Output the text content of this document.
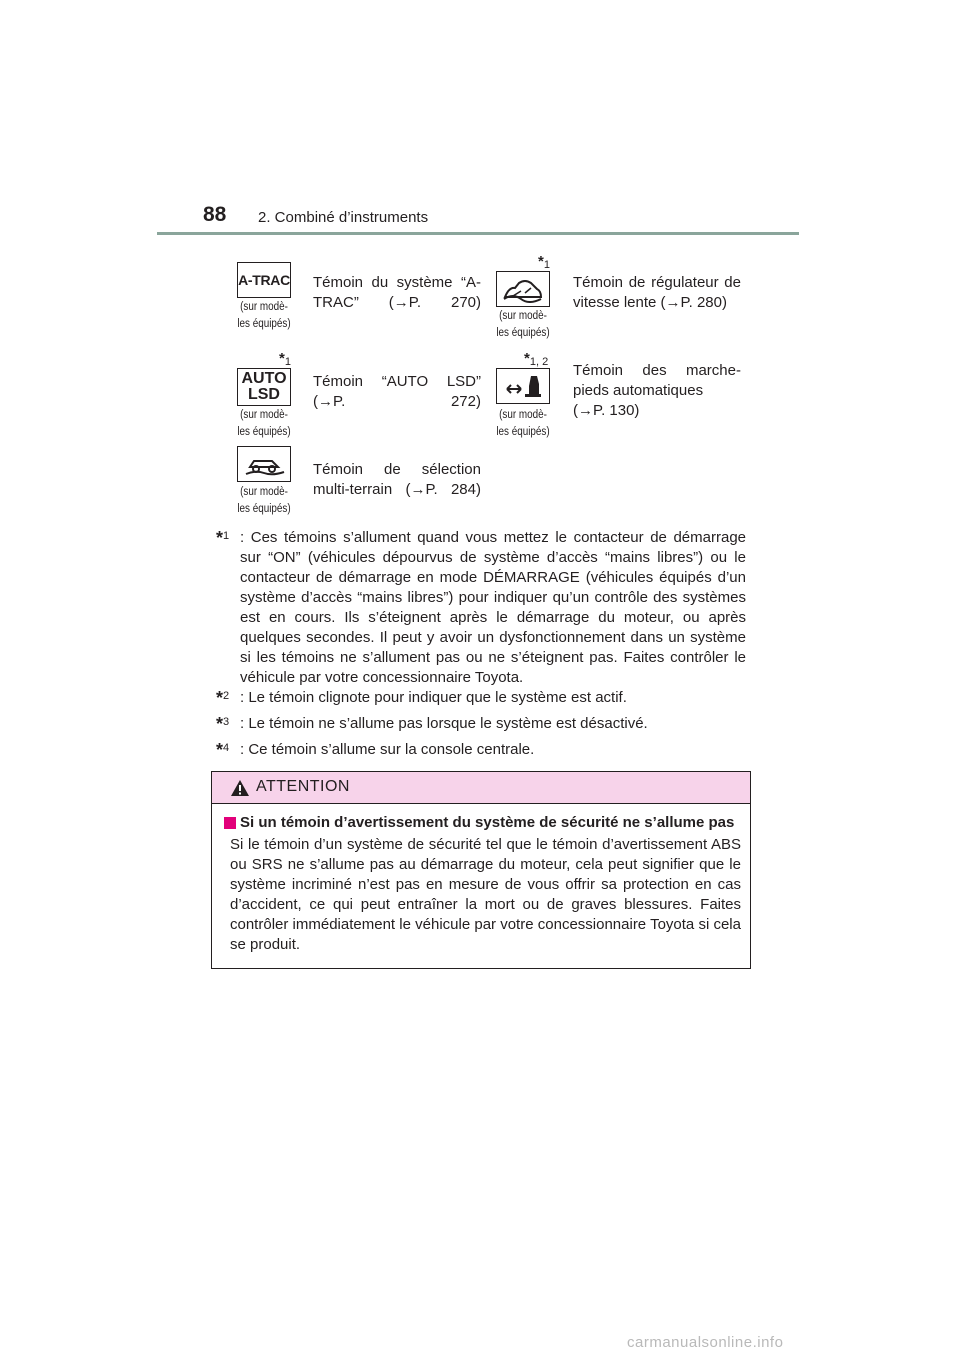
88 2. Combiné d’instruments
A-TRAC
(sur modè-
les équipés)
Témoin du système “A-TRAC” (→P. 270)
*1
(sur modè-
les équipés)
Témoin de régulateur de vitesse lente (→P. 280)
*1
AUTO
LSD
(sur modè-
les équipés)
Témoin “AUTO LSD” (→P. 272)
*1, 2
(sur modè-
les équipés)
Témoin des marche-
pieds automatiques
(→P. 130)
(sur modè-
les équipés)
Témoin de sélection multi-terrain (→P. 284)
*$^1$ : Ces témoins s’allument quand vous mettez le contacteur de démarrage sur “ON” (véhicules dépourvus de système d’accès “mains libres”) ou le contacteur de démarrage en mode DÉMARRAGE (véhicules équipés d’un système d’accès “mains libres”) pour indiquer qu’un contrôle des systèmes est en cours. Ils s’éteignent après le démarrage du moteur, ou après quelques secondes. Il peut y avoir un dysfonctionnement dans un système si les témoins ne s’allument pas ou ne s’éteignent pas. Faites contrôler le véhicule par votre concessionnaire Toyota.
*$^2$ : Le témoin clignote pour indiquer que le système est actif.
*$^3$ : Le témoin ne s’allume pas lorsque le système est désactivé.
*$^4$ : Ce témoin s’allume sur la console centrale.
ATTENTION
Si un témoin d’avertissement du système de sécurité ne s’allume pas
Si le témoin d’un système de sécurité tel que le témoin d’avertissement ABS ou SRS ne s’allume pas au démarrage du moteur, cela peut signifier que le système incriminé n’est pas en mesure de vous offrir sa protection en cas d’accident, ce qui peut entraîner la mort ou de graves blessures. Faites contrôler immédiatement le véhicule par votre concessionnaire Toyota si cela se produit.
carmanualsonline.info
